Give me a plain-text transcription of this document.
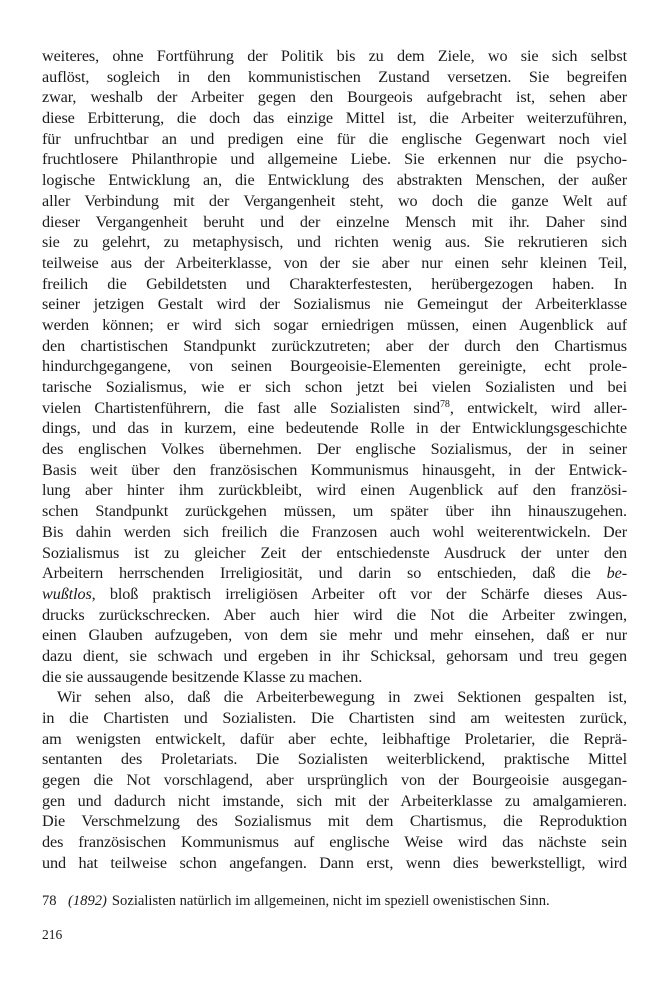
weiteres, ohne Fortführung der Politik bis zu dem Ziele, wo sie sich selbst
auflöst, sogleich in den kommunistischen Zustand versetzen. Sie begreifen
zwar, weshalb der Arbeiter gegen den Bourgeois aufgebracht ist, sehen aber
diese Erbitterung, die doch das einzige Mittel ist, die Arbeiter weiterzuführen,
für unfruchtbar an und predigen eine für die englische Gegenwart noch viel
fruchtlosere Philanthropie und allgemeine Liebe. Sie erkennen nur die psycho-
logische Entwicklung an, die Entwicklung des abstrakten Menschen, der außer
aller Verbindung mit der Vergangenheit steht, wo doch die ganze Welt auf
dieser Vergangenheit beruht und der einzelne Mensch mit ihr. Daher sind
sie zu gelehrt, zu metaphysisch, und richten wenig aus. Sie rekrutieren sich
teilweise aus der Arbeiterklasse, von der sie aber nur einen sehr kleinen Teil,
freilich die Gebildetsten und Charakterfestesten, herübergezogen haben. In
seiner jetzigen Gestalt wird der Sozialismus nie Gemeingut der Arbeiterklasse
werden können; er wird sich sogar erniedrigen müssen, einen Augenblick auf
den chartistischen Standpunkt zurückzutreten; aber der durch den Chartismus
hindurchgegangene, von seinen Bourgeoisie-Elementen gereinigte, echt prole-
tarische Sozialismus, wie er sich schon jetzt bei vielen Sozialisten und bei
vielen Chartistenführern, die fast alle Sozialisten sind$^{78}$, entwickelt, wird aller-
dings, und das in kurzem, eine bedeutende Rolle in der Entwicklungsgeschichte
des englischen Volkes übernehmen. Der englische Sozialismus, der in seiner
Basis weit über den französischen Kommunismus hinausgeht, in der Entwick-
lung aber hinter ihm zurückbleibt, wird einen Augenblick auf den französi-
schen Standpunkt zurückgehen müssen, um später über ihn hinauszugehen.
Bis dahin werden sich freilich die Franzosen auch wohl weiterentwickeln. Der
Sozialismus ist zu gleicher Zeit der entschiedenste Ausdruck der unter den
Arbeitern herrschenden Irreligiosität, und darin so entschieden, daß die be-
wußtlos, bloß praktisch irreligiösen Arbeiter oft vor der Schärfe dieses Aus-
drucks zurückschrecken. Aber auch hier wird die Not die Arbeiter zwingen,
einen Glauben aufzugeben, von dem sie mehr und mehr einsehen, daß er nur
dazu dient, sie schwach und ergeben in ihr Schicksal, gehorsam und treu gegen
die sie aussaugende besitzende Klasse zu machen.
Wir sehen also, daß die Arbeiterbewegung in zwei Sektionen gespalten ist,
in die Chartisten und Sozialisten. Die Chartisten sind am weitesten zurück,
am wenigsten entwickelt, dafür aber echte, leibhaftige Proletarier, die Reprä-
sentanten des Proletariats. Die Sozialisten weiterblickend, praktische Mittel
gegen die Not vorschlagend, aber ursprünglich von der Bourgeoisie ausgegan-
gen und dadurch nicht imstande, sich mit der Arbeiterklasse zu amalgamieren.
Die Verschmelzung des Sozialismus mit dem Chartismus, die Reproduktion
des französischen Kommunismus auf englische Weise wird das nächste sein
und hat teilweise schon angefangen. Dann erst, wenn dies bewerkstelligt, wird
78 (1892) Sozialisten natürlich im allgemeinen, nicht im speziell owenistischen Sinn.
216
